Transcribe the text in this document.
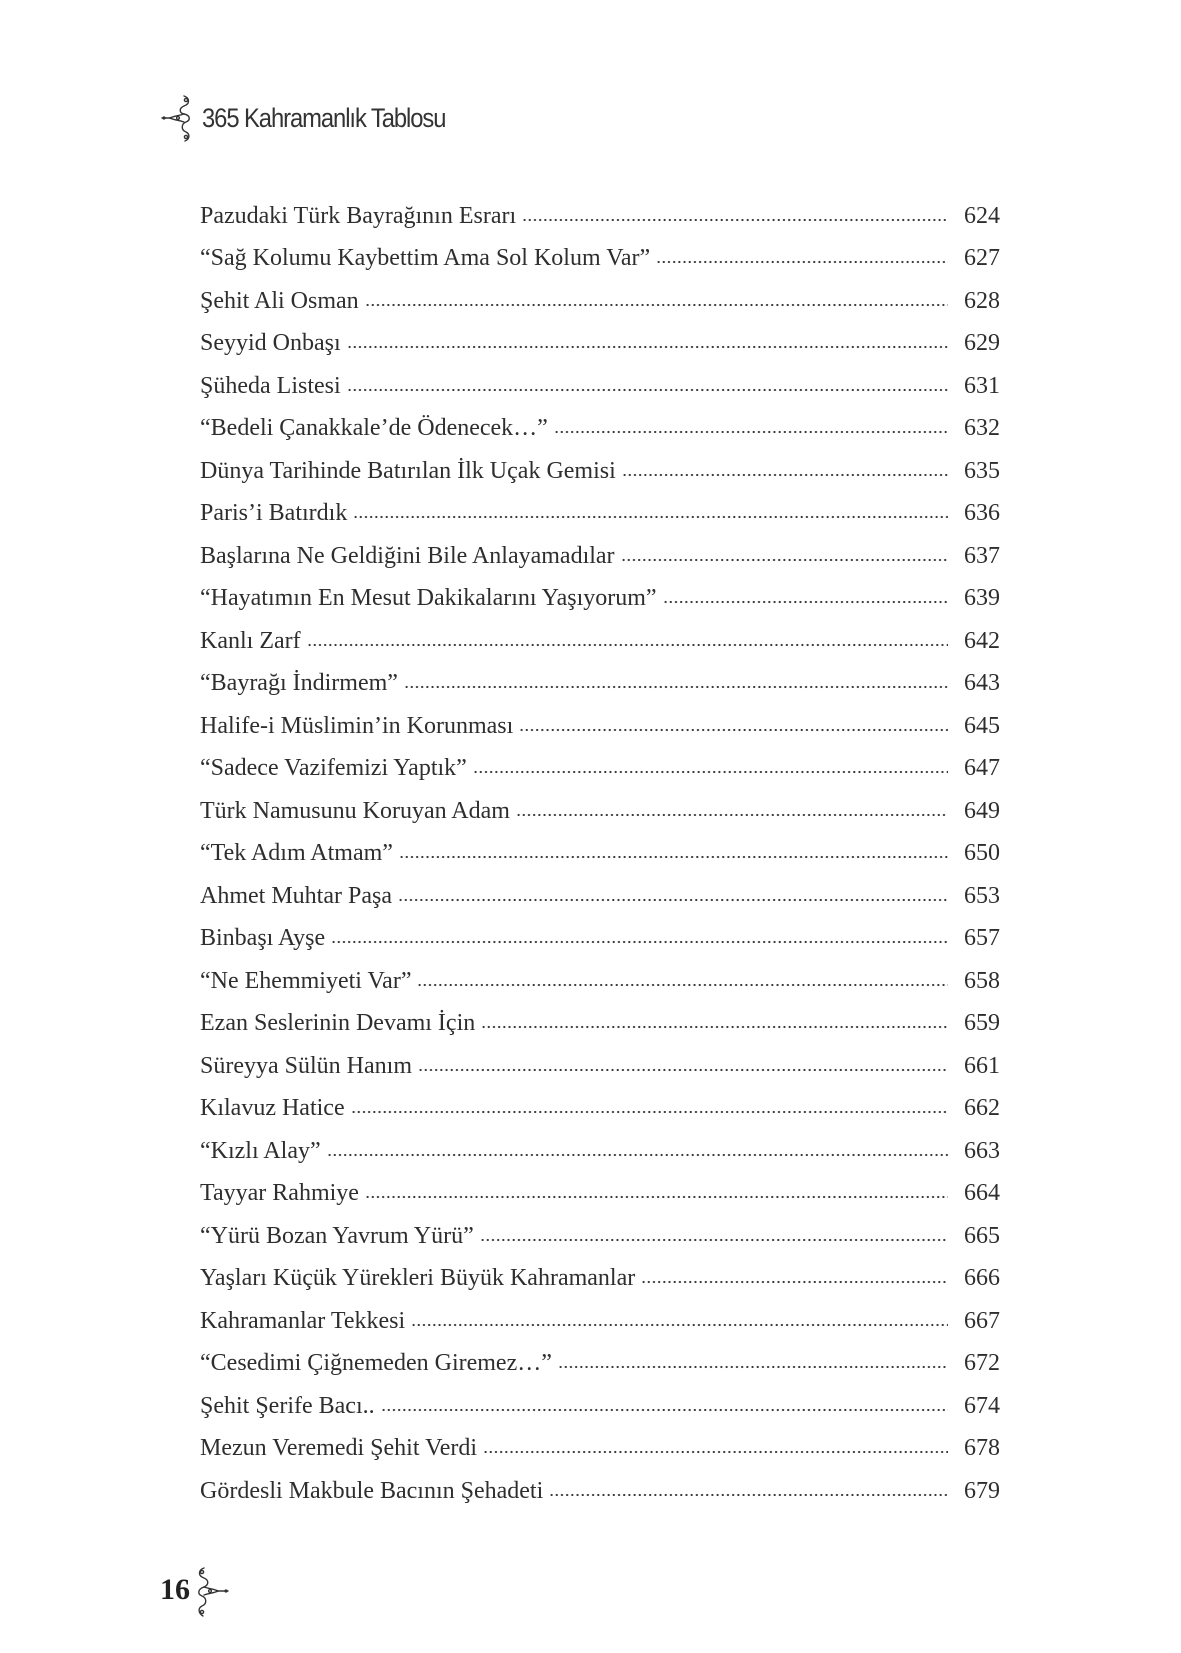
365 Kahramanlık Tablosu
Pazudaki Türk Bayrağının Esrarı	624
“Sağ Kolumu Kaybettim Ama Sol Kolum Var”	627
Şehit Ali Osman	628
Seyyid Onbaşı	629
Şüheda Listesi	631
“Bedeli Çanakkale’de Ödenecek…”	632
Dünya Tarihinde Batırılan İlk Uçak Gemisi	635
Paris’i Batırdık	636
Başlarına Ne Geldiğini Bile Anlayamadılar	637
“Hayatımın En Mesut Dakikalarını Yaşıyorum”	639
Kanlı Zarf	642
“Bayrağı İndirmem”	643
Halife-i Müslimin’in Korunması	645
“Sadece Vazifemizi Yaptık”	647
Türk Namusunu Koruyan Adam	649
“Tek Adım Atmam”	650
Ahmet Muhtar Paşa	653
Binbaşı Ayşe	657
“Ne Ehemmiyeti Var”	658
Ezan Seslerinin Devamı İçin	659
Süreyya Sülün Hanım	661
Kılavuz Hatice	662
“Kızlı Alay”	663
Tayyar Rahmiye	664
“Yürü Bozan Yavrum Yürü”	665
Yaşları Küçük Yürekleri Büyük Kahramanlar	666
Kahramanlar Tekkesi	667
“Cesedimi Çiğnemeden Giremez…”	672
Şehit Şerife Bacı..	674
Mezun Veremedi Şehit Verdi	678
Gördesli Makbule Bacının Şehadeti	679
16
